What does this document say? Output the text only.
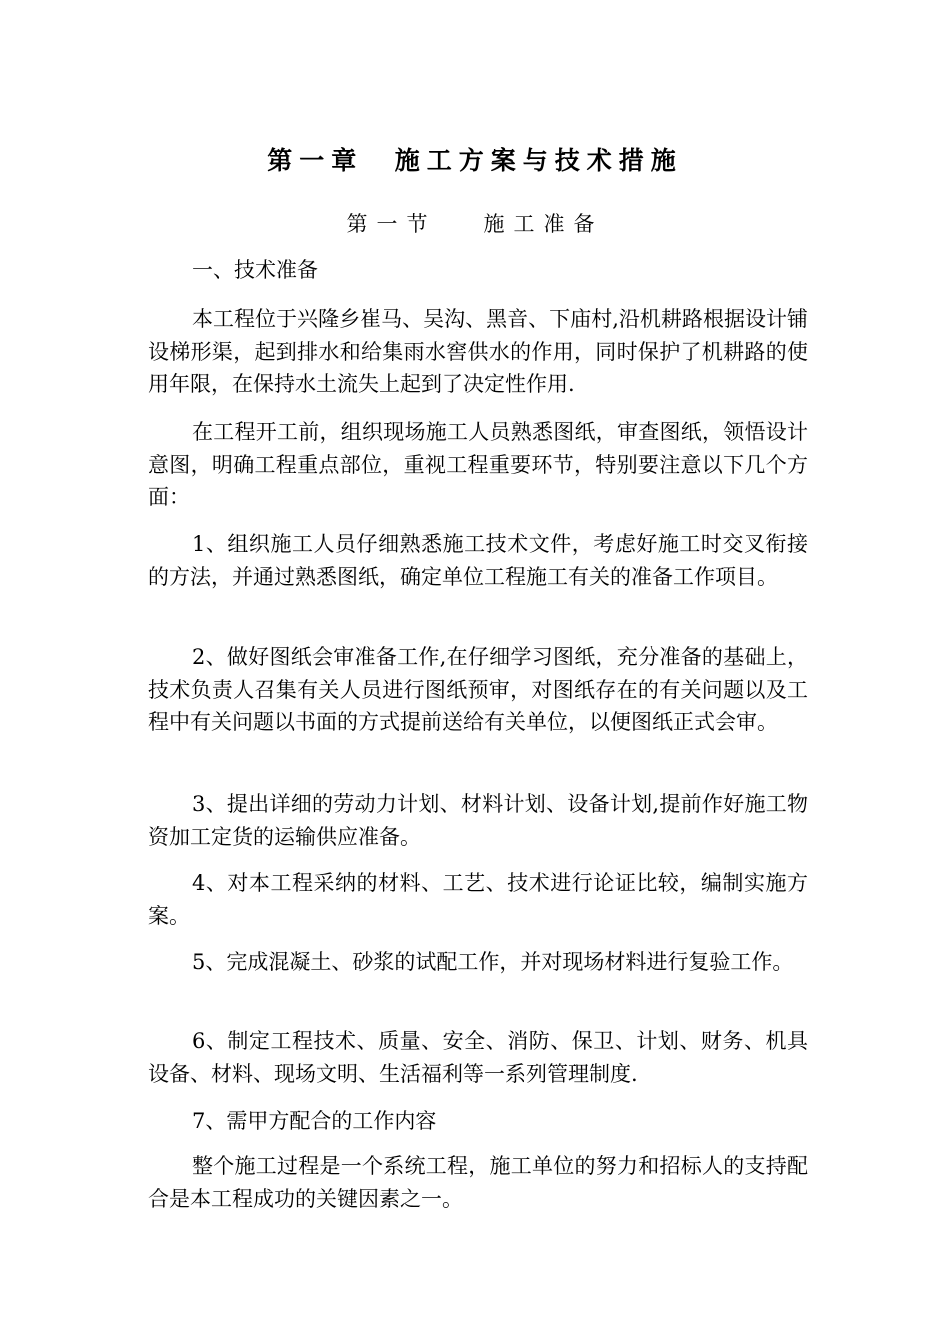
第一章  施工方案与技术措施
第一节   施工准备
一、技术准备
本工程位于兴隆乡崔马、吴沟、黑音、下庙村,沿机耕路根据设计铺设梯形渠，起到排水和给集雨水窖供水的作用，同时保护了机耕路的使用年限，在保持水土流失上起到了决定性作用.
在工程开工前，组织现场施工人员熟悉图纸，审查图纸，领悟设计意图，明确工程重点部位，重视工程重要环节，特别要注意以下几个方面：
1、组织施工人员仔细熟悉施工技术文件，考虑好施工时交叉衔接的方法，并通过熟悉图纸，确定单位工程施工有关的准备工作项目。
2、做好图纸会审准备工作,在仔细学习图纸，充分准备的基础上，技术负责人召集有关人员进行图纸预审，对图纸存在的有关问题以及工程中有关问题以书面的方式提前送给有关单位，以便图纸正式会审。
3、提出详细的劳动力计划、材料计划、设备计划,提前作好施工物资加工定货的运输供应准备。
4、对本工程采纳的材料、工艺、技术进行论证比较，编制实施方案。
5、完成混凝土、砂浆的试配工作，并对现场材料进行复验工作。
6、制定工程技术、质量、安全、消防、保卫、计划、财务、机具设备、材料、现场文明、生活福利等一系列管理制度.
7、需甲方配合的工作内容
整个施工过程是一个系统工程，施工单位的努力和招标人的支持配合是本工程成功的关键因素之一。
